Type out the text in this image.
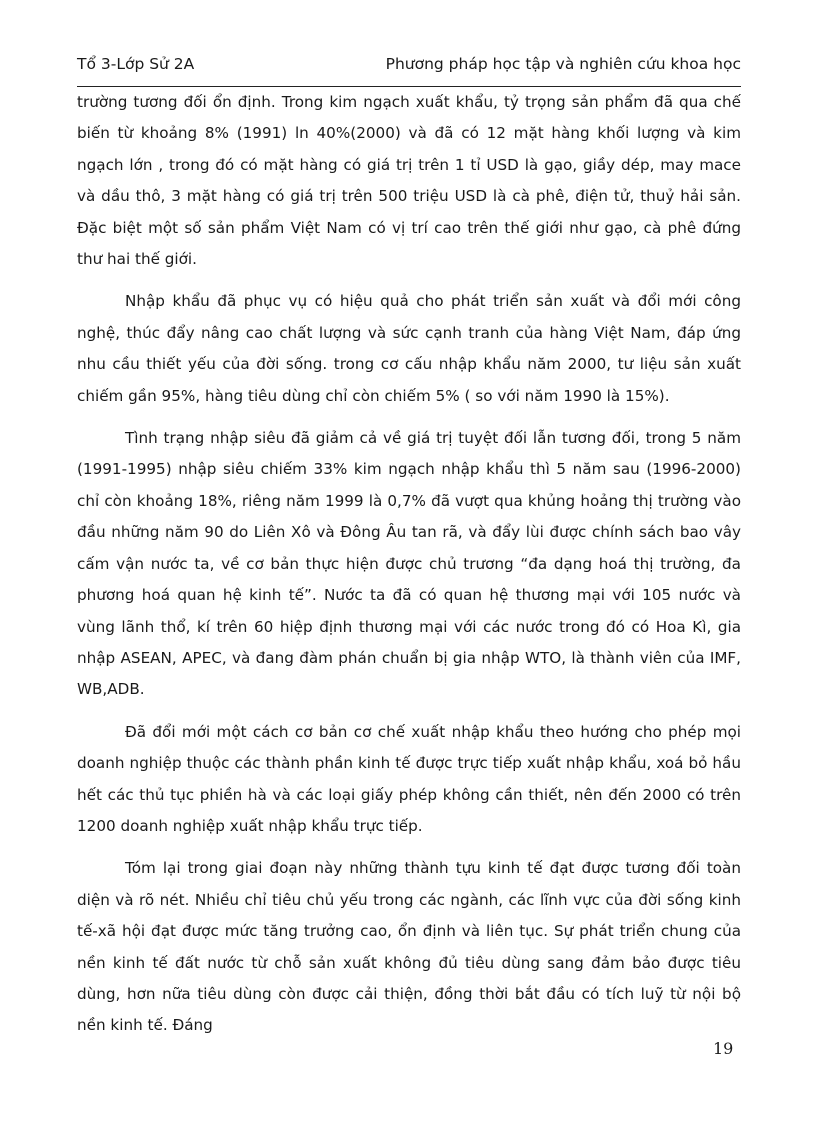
Tổ 3-Lớp Sử 2A	Phương pháp học tập và nghiên cứu khoa học

trường tương đối ổn định. Trong kim ngạch xuất khẩu, tỷ trọng sản phẩm đã qua chế biến từ khoảng 8% (1991) ln 40%(2000) và đã có 12 mặt hàng khối lượng và kim ngạch lớn , trong đó có mặt hàng có giá trị trên 1 tỉ USD là gạo, giầy dép, may mace và dầu thô, 3 mặt hàng có giá trị trên 500 triệu USD là cà phê, điện tử, thuỷ hải sản. Đặc biệt một số sản phẩm Việt Nam có vị trí cao trên thế giới như gạo, cà phê đứng thư hai thế giới.

Nhập khẩu đã phục vụ có hiệu quả cho phát triển sản xuất và đổi mới công nghệ, thúc đẩy nâng cao chất lượng và sức cạnh tranh của hàng Việt Nam, đáp ứng nhu cầu thiết yếu của đời sống. trong cơ cấu nhập khẩu năm 2000, tư liệu sản xuất chiếm gần 95%, hàng tiêu dùng chỉ còn chiếm 5% ( so với năm 1990 là 15%).

Tình trạng nhập siêu đã giảm cả về giá trị tuyệt đối lẫn tương đối, trong 5 năm (1991-1995) nhập siêu chiếm 33% kim ngạch nhập khẩu thì 5 năm sau (1996-2000) chỉ còn khoảng 18%, riêng năm 1999 là 0,7% đã vượt qua khủng hoảng thị trường vào đầu những năm 90 do Liên Xô và Đông Âu tan rã, và đẩy lùi được chính sách bao vây cấm vận nước ta, về cơ bản thực hiện được chủ trương “đa dạng hoá thị trường, đa phương hoá quan hệ kinh tế”. Nước ta đã có quan hệ thương mại với 105 nước và vùng lãnh thổ, kí trên 60 hiệp định thương mại với các nước trong đó có Hoa Kì, gia nhập ASEAN, APEC, và đang đàm phán chuẩn bị gia nhập WTO, là thành viên của IMF, WB,ADB.

Đã đổi mới một cách cơ bản cơ chế xuất nhập khẩu theo hướng cho phép mọi doanh nghiệp thuộc các thành phần kinh tế được trực tiếp xuất nhập khẩu, xoá bỏ hầu hết các thủ tục phiền hà và các loại giấy phép không cần thiết, nên đến 2000 có trên 1200 doanh nghiệp xuất nhập khẩu trực tiếp.

Tóm lại trong giai đoạn này những thành tựu kinh tế đạt được tương đối toàn diện và rõ nét. Nhiều chỉ tiêu chủ yếu trong các ngành, các lĩnh vực của đời sống kinh tế-xã hội đạt được mức tăng trưởng cao, ổn định và liên tục. Sự phát triển chung của nền kinh tế đất nước từ chỗ sản xuất không đủ tiêu dùng sang đảm bảo được tiêu dùng, hơn nữa tiêu dùng còn được cải thiện, đồng thời bắt đầu có tích luỹ từ nội bộ nền kinh tế. Đáng

19
